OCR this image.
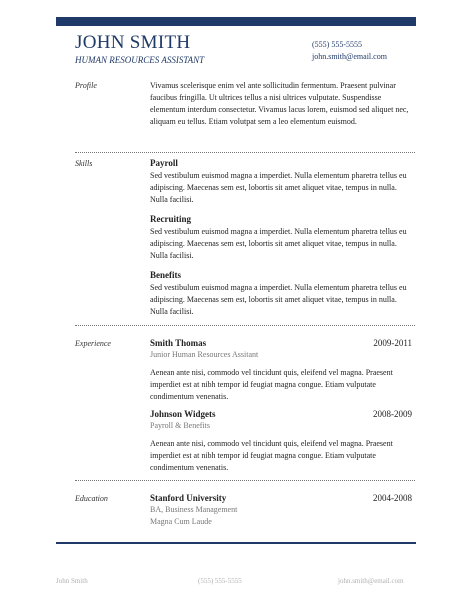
JOHN SMITH
HUMAN RESOURCES ASSISTANT
(555) 555-5555
john.smith@email.com
Profile	Vivamus scelerisque enim vel ante sollicitudin fermentum. Praesent pulvinar faucibus fringilla. Ut ultrices tellus a nisi ultrices vulputate. Suspendisse elementum interdum consectetur. Vivamus lacus lorem, euismod sed aliquet nec, aliquam eu tellus. Etiam volutpat sem a leo elementum euismod.
Skills	Payroll

Sed vestibulum euismod magna a imperdiet. Nulla elementum pharetra tellus eu adipiscing. Maecenas sem est, lobortis sit amet aliquet vitae, tempus in nulla. Nulla facilisi.

Recruiting

Sed vestibulum euismod magna a imperdiet. Nulla elementum pharetra tellus eu adipiscing. Maecenas sem est, lobortis sit amet aliquet vitae, tempus in nulla. Nulla facilisi.

Benefits

Sed vestibulum euismod magna a imperdiet. Nulla elementum pharetra tellus eu adipiscing. Maecenas sem est, lobortis sit amet aliquet vitae, tempus in nulla. Nulla facilisi.

Experience	Smith Thomas	2009-2011
Junior Human Resources Assitant

Aenean ante nisi, commodo vel tincidunt quis, eleifend vel magna. Praesent imperdiet est at nibh tempor id feugiat magna congue. Etiam vulputate condimentum venenatis.

Johnson Widgets	2008-2009
Payroll & Benefits

Aenean ante nisi, commodo vel tincidunt quis, eleifend vel magna. Praesent imperdiet est at nibh tempor id feugiat magna congue. Etiam vulputate condimentum venenatis.

Education	Stanford University	2004-2008
BA, Business Management
Magna Cum Laude
John Smith	(555) 555-5555	john.smith@email.com
